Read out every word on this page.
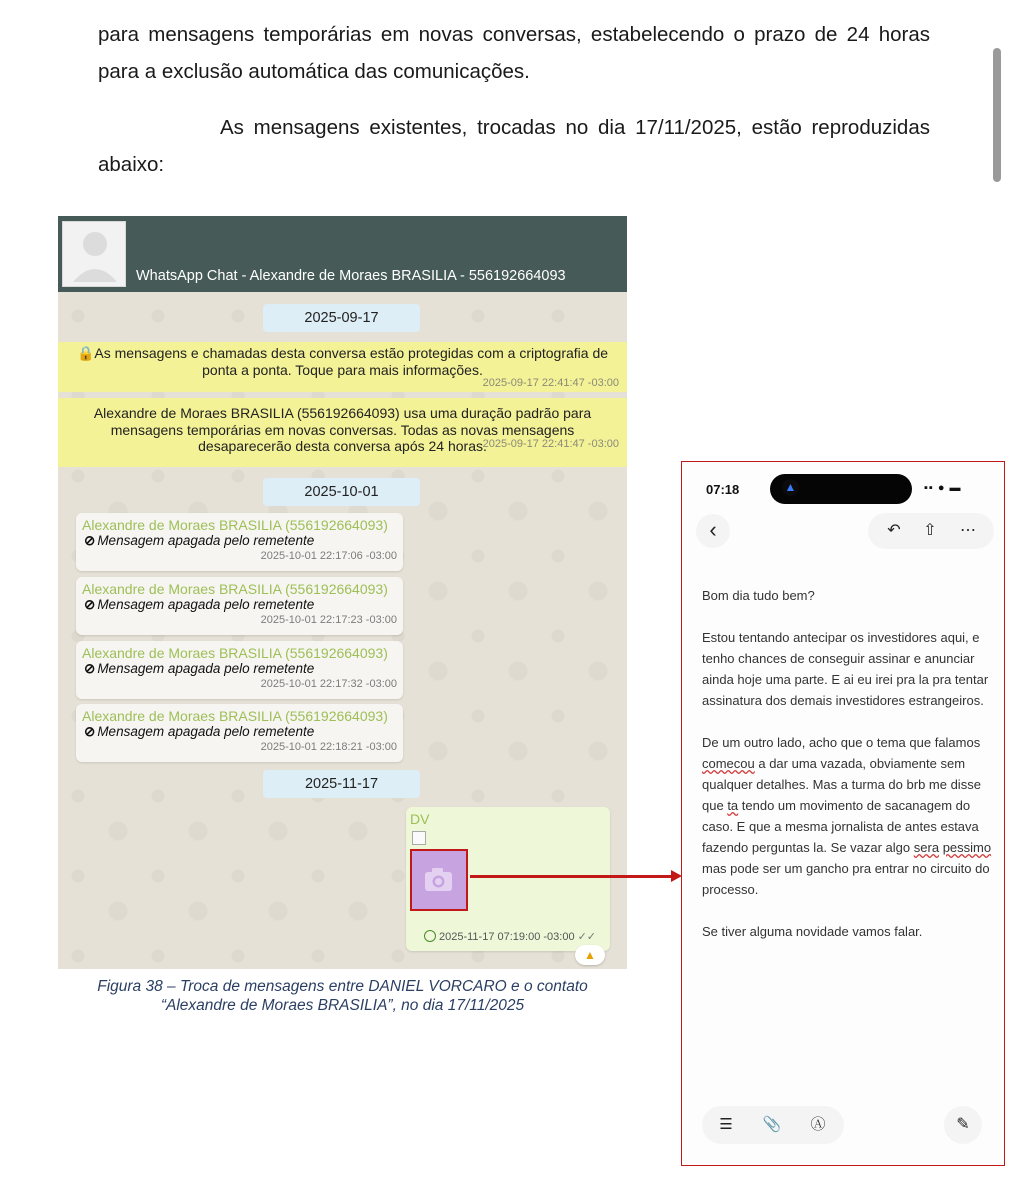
para mensagens temporárias em novas conversas, estabelecendo o prazo de 24 horas para a exclusão automática das comunicações.

As mensagens existentes, trocadas no dia 17/11/2025, estão reproduzidas abaixo:

WhatsApp Chat - Alexandre de Moraes BRASILIA - 556192664093
2025-09-17
🔒As mensagens e chamadas desta conversa estão protegidas com a criptografia de ponta a ponta. Toque para mais informações.
2025-09-17 22:41:47 -03:00
Alexandre de Moraes BRASILIA (556192664093) usa uma duração padrão para mensagens temporárias em novas conversas. Todas as novas mensagens desaparecerão desta conversa após 24 horas.
2025-09-17 22:41:47 -03:00
2025-10-01
Alexandre de Moraes BRASILIA (556192664093)
⊘ Mensagem apagada pelo remetente
2025-10-01 22:17:06 -03:00
Alexandre de Moraes BRASILIA (556192664093)
⊘ Mensagem apagada pelo remetente
2025-10-01 22:17:23 -03:00
Alexandre de Moraes BRASILIA (556192664093)
⊘ Mensagem apagada pelo remetente
2025-10-01 22:17:32 -03:00
Alexandre de Moraes BRASILIA (556192664093)
⊘ Mensagem apagada pelo remetente
2025-10-01 22:18:21 -03:00
2025-11-17
DV
2025-11-17 07:19:00 -03:00 ✓✓
▲
Figura 38 – Troca de mensagens entre DANIEL VORCARO e o contato
“Alexandre de Moraes BRASILIA”, no dia 17/11/2025
07:18	▲	▪▪ ● ▬
‹	↶	⇧	⋯

Bom dia tudo bem?

Estou tentando antecipar os investidores aqui, e tenho chances de conseguir assinar e anunciar ainda hoje uma parte. E ai eu irei pra la pra tentar assinatura dos demais investidores estrangeiros.

De um outro lado, acho que o tema que falamos comecou a dar uma vazada, obviamente sem qualquer detalhes. Mas a turma do brb me disse que ta tendo um movimento de sacanagem do caso. E que a mesma jornalista de antes estava fazendo perguntas la. Se vazar algo sera pessimo mas pode ser um gancho pra entrar no circuito do processo.

Se tiver alguma novidade vamos falar.

☰	📎 Ⓐ	✎
